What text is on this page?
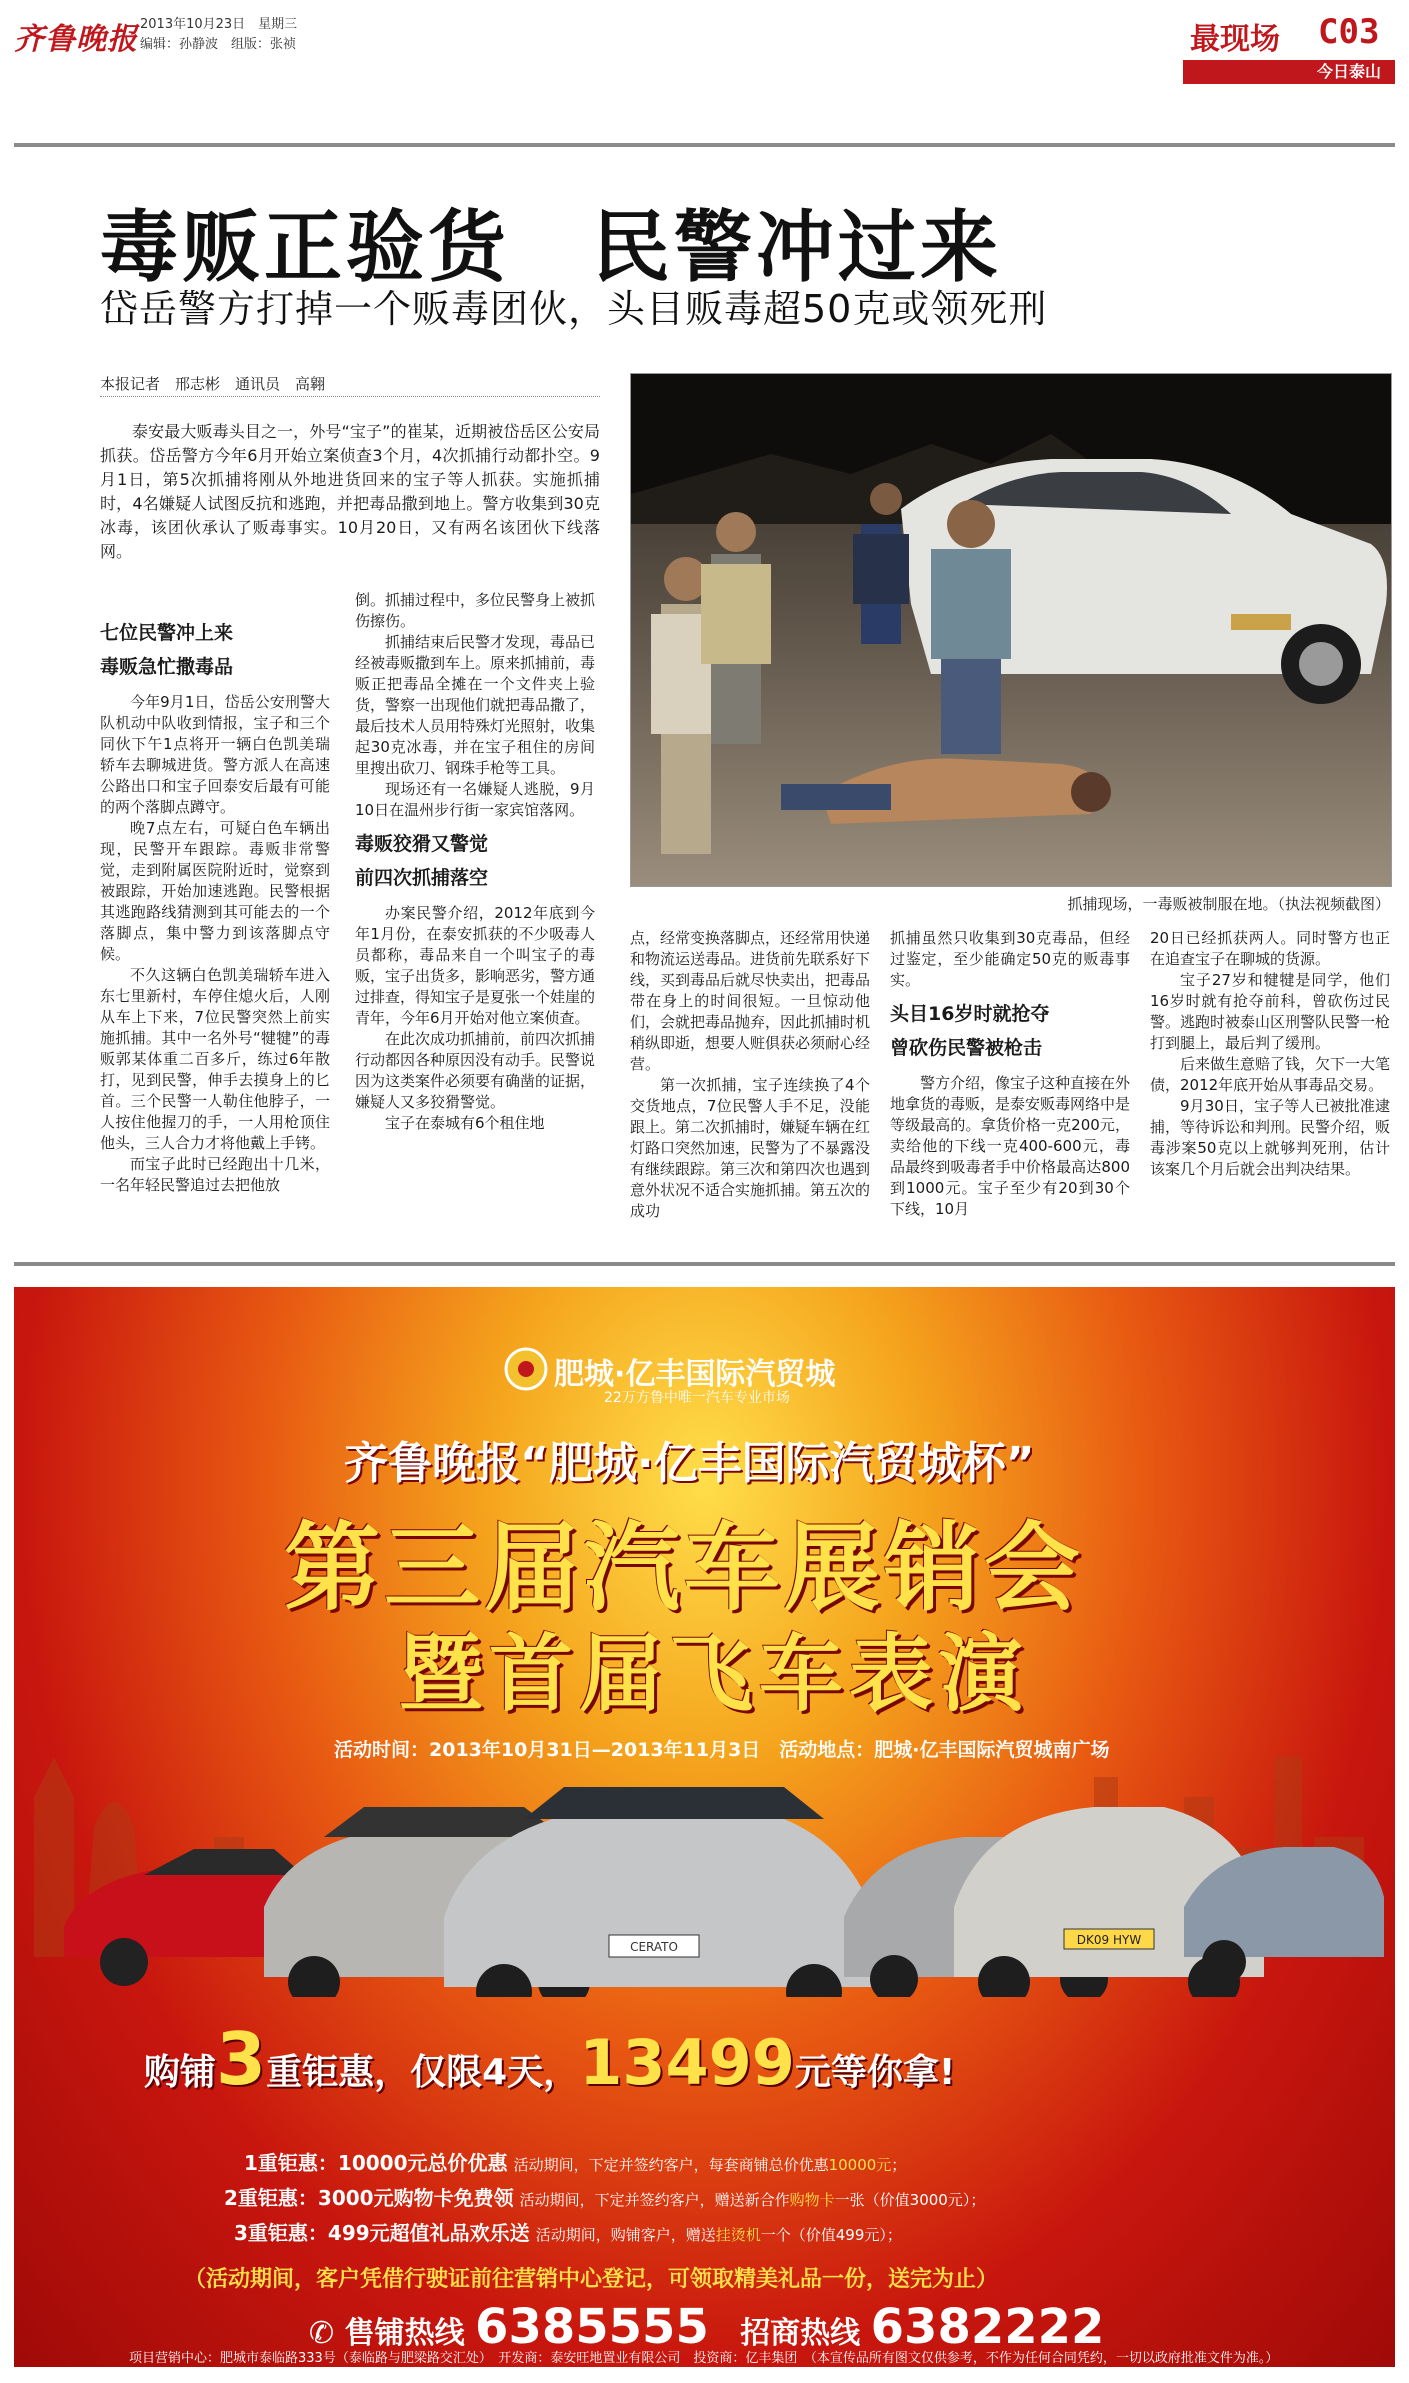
齐鲁晚报 2013年10月23日　星期三
编辑：孙静波　组版：张祯	最现场 C03
今日泰山
毒贩正验货　民警冲过来
岱岳警方打掉一个贩毒团伙，头目贩毒超50克或领死刑
本报记者　邢志彬　通讯员　高翱
泰安最大贩毒头目之一，外号“宝子”的崔某，近期被岱岳区公安局抓获。岱岳警方今年6月开始立案侦查3个月，4次抓捕行动都扑空。9月1日，第5次抓捕将刚从外地进货回来的宝子等人抓获。实施抓捕时，4名嫌疑人试图反抗和逃跑，并把毒品撒到地上。警方收集到30克冰毒，该团伙承认了贩毒事实。10月20日，又有两名该团伙下线落网。
抓捕现场，一毒贩被制服在地。（执法视频截图）
七位民警冲上来
毒贩急忙撒毒品

今年9月1日，岱岳公安刑警大队机动中队收到情报，宝子和三个同伙下午1点将开一辆白色凯美瑞轿车去聊城进货。警方派人在高速公路出口和宝子回泰安后最有可能的两个落脚点蹲守。

晚7点左右，可疑白色车辆出现，民警开车跟踪。毒贩非常警觉，走到附属医院附近时，觉察到被跟踪，开始加速逃跑。民警根据其逃跑路线猜测到其可能去的一个落脚点，集中警力到该落脚点守候。

不久这辆白色凯美瑞轿车进入东七里新村，车停住熄火后，人刚从车上下来，7位民警突然上前实施抓捕。其中一名外号“犍犍”的毒贩郭某体重二百多斤，练过6年散打，见到民警，伸手去摸身上的匕首。三个民警一人勒住他脖子，一人按住他握刀的手，一人用枪顶住他头，三人合力才将他戴上手铐。

而宝子此时已经跑出十几米，一名年轻民警追过去把他放

倒。抓捕过程中，多位民警身上被抓伤擦伤。

抓捕结束后民警才发现，毒品已经被毒贩撒到车上。原来抓捕前，毒贩正把毒品全摊在一个文件夹上验货，警察一出现他们就把毒品撒了，最后技术人员用特殊灯光照射，收集起30克冰毒，并在宝子租住的房间里搜出砍刀、钢珠手枪等工具。

现场还有一名嫌疑人逃脱，9月10日在温州步行街一家宾馆落网。

毒贩狡猾又警觉
前四次抓捕落空

办案民警介绍，2012年底到今年1月份，在泰安抓获的不少吸毒人员都称，毒品来自一个叫宝子的毒贩，宝子出货多，影响恶劣，警方通过排查，得知宝子是夏张一个娃崖的青年，今年6月开始对他立案侦查。

在此次成功抓捕前，前四次抓捕行动都因各种原因没有动手。民警说因为这类案件必须要有确凿的证据，嫌疑人又多狡猾警觉。

宝子在泰城有6个租住地

点，经常变换落脚点，还经常用快递和物流运送毒品。进货前先联系好下线，买到毒品后就尽快卖出，把毒品带在身上的时间很短。一旦惊动他们，会就把毒品抛弃，因此抓捕时机稍纵即逝，想要人赃俱获必须耐心经营。

第一次抓捕，宝子连续换了4个交货地点，7位民警人手不足，没能跟上。第二次抓捕时，嫌疑车辆在红灯路口突然加速，民警为了不暴露没有继续跟踪。第三次和第四次也遇到意外状况不适合实施抓捕。第五次的成功

抓捕虽然只收集到30克毒品，但经过鉴定，至少能确定50克的贩毒事实。

头目16岁时就抢夺
曾砍伤民警被枪击

警方介绍，像宝子这种直接在外地拿货的毒贩，是泰安贩毒网络中是等级最高的。拿货价格一克200元，卖给他的下线一克400-600元，毒品最终到吸毒者手中价格最高达800到1000元。宝子至少有20到30个下线，10月

20日已经抓获两人。同时警方也正在追查宝子在聊城的货源。

宝子27岁和犍犍是同学，他们16岁时就有抢夺前科，曾砍伤过民警。逃跑时被泰山区刑警队民警一枪打到腿上，最后判了缓刑。

后来做生意赔了钱，欠下一大笔债，2012年底开始从事毒品交易。

9月30日，宝子等人已被批准逮捕，等待诉讼和判刑。民警介绍，贩毒涉案50克以上就够判死刑，估计该案几个月后就会出判决结果。

肥城·亿丰国际汽贸城
22万方鲁中唯一汽车专业市场
齐鲁晚报“肥城·亿丰国际汽贸城杯”
第三届汽车展销会
暨首届飞车表演
活动时间：2013年10月31日—2013年11月3日　活动地点：肥城·亿丰国际汽贸城南广场
CERATO	DK09 HYW
购铺3重钜惠，仅限4天，13499元等你拿!
1重钜惠：10000元总价优惠 活动期间，下定并签约客户，每套商铺总价优惠10000元；
2重钜惠：3000元购物卡免费领 活动期间，下定并签约客户，赠送新合作购物卡一张（价值3000元）；
3重钜惠：499元超值礼品欢乐送 活动期间，购铺客户，赠送挂烫机一个（价值499元）；
（活动期间，客户凭借行驶证前往营销中心登记，可领取精美礼品一份，送完为止）
✆ 售铺热线 6385555 招商热线 6382222
项目营销中心：肥城市泰临路333号（泰临路与肥梁路交汇处）　开发商：泰安旺地置业有限公司　投资商：亿丰集团　（本宣传品所有图文仅供参考，不作为任何合同凭约，一切以政府批准文件为准。）
